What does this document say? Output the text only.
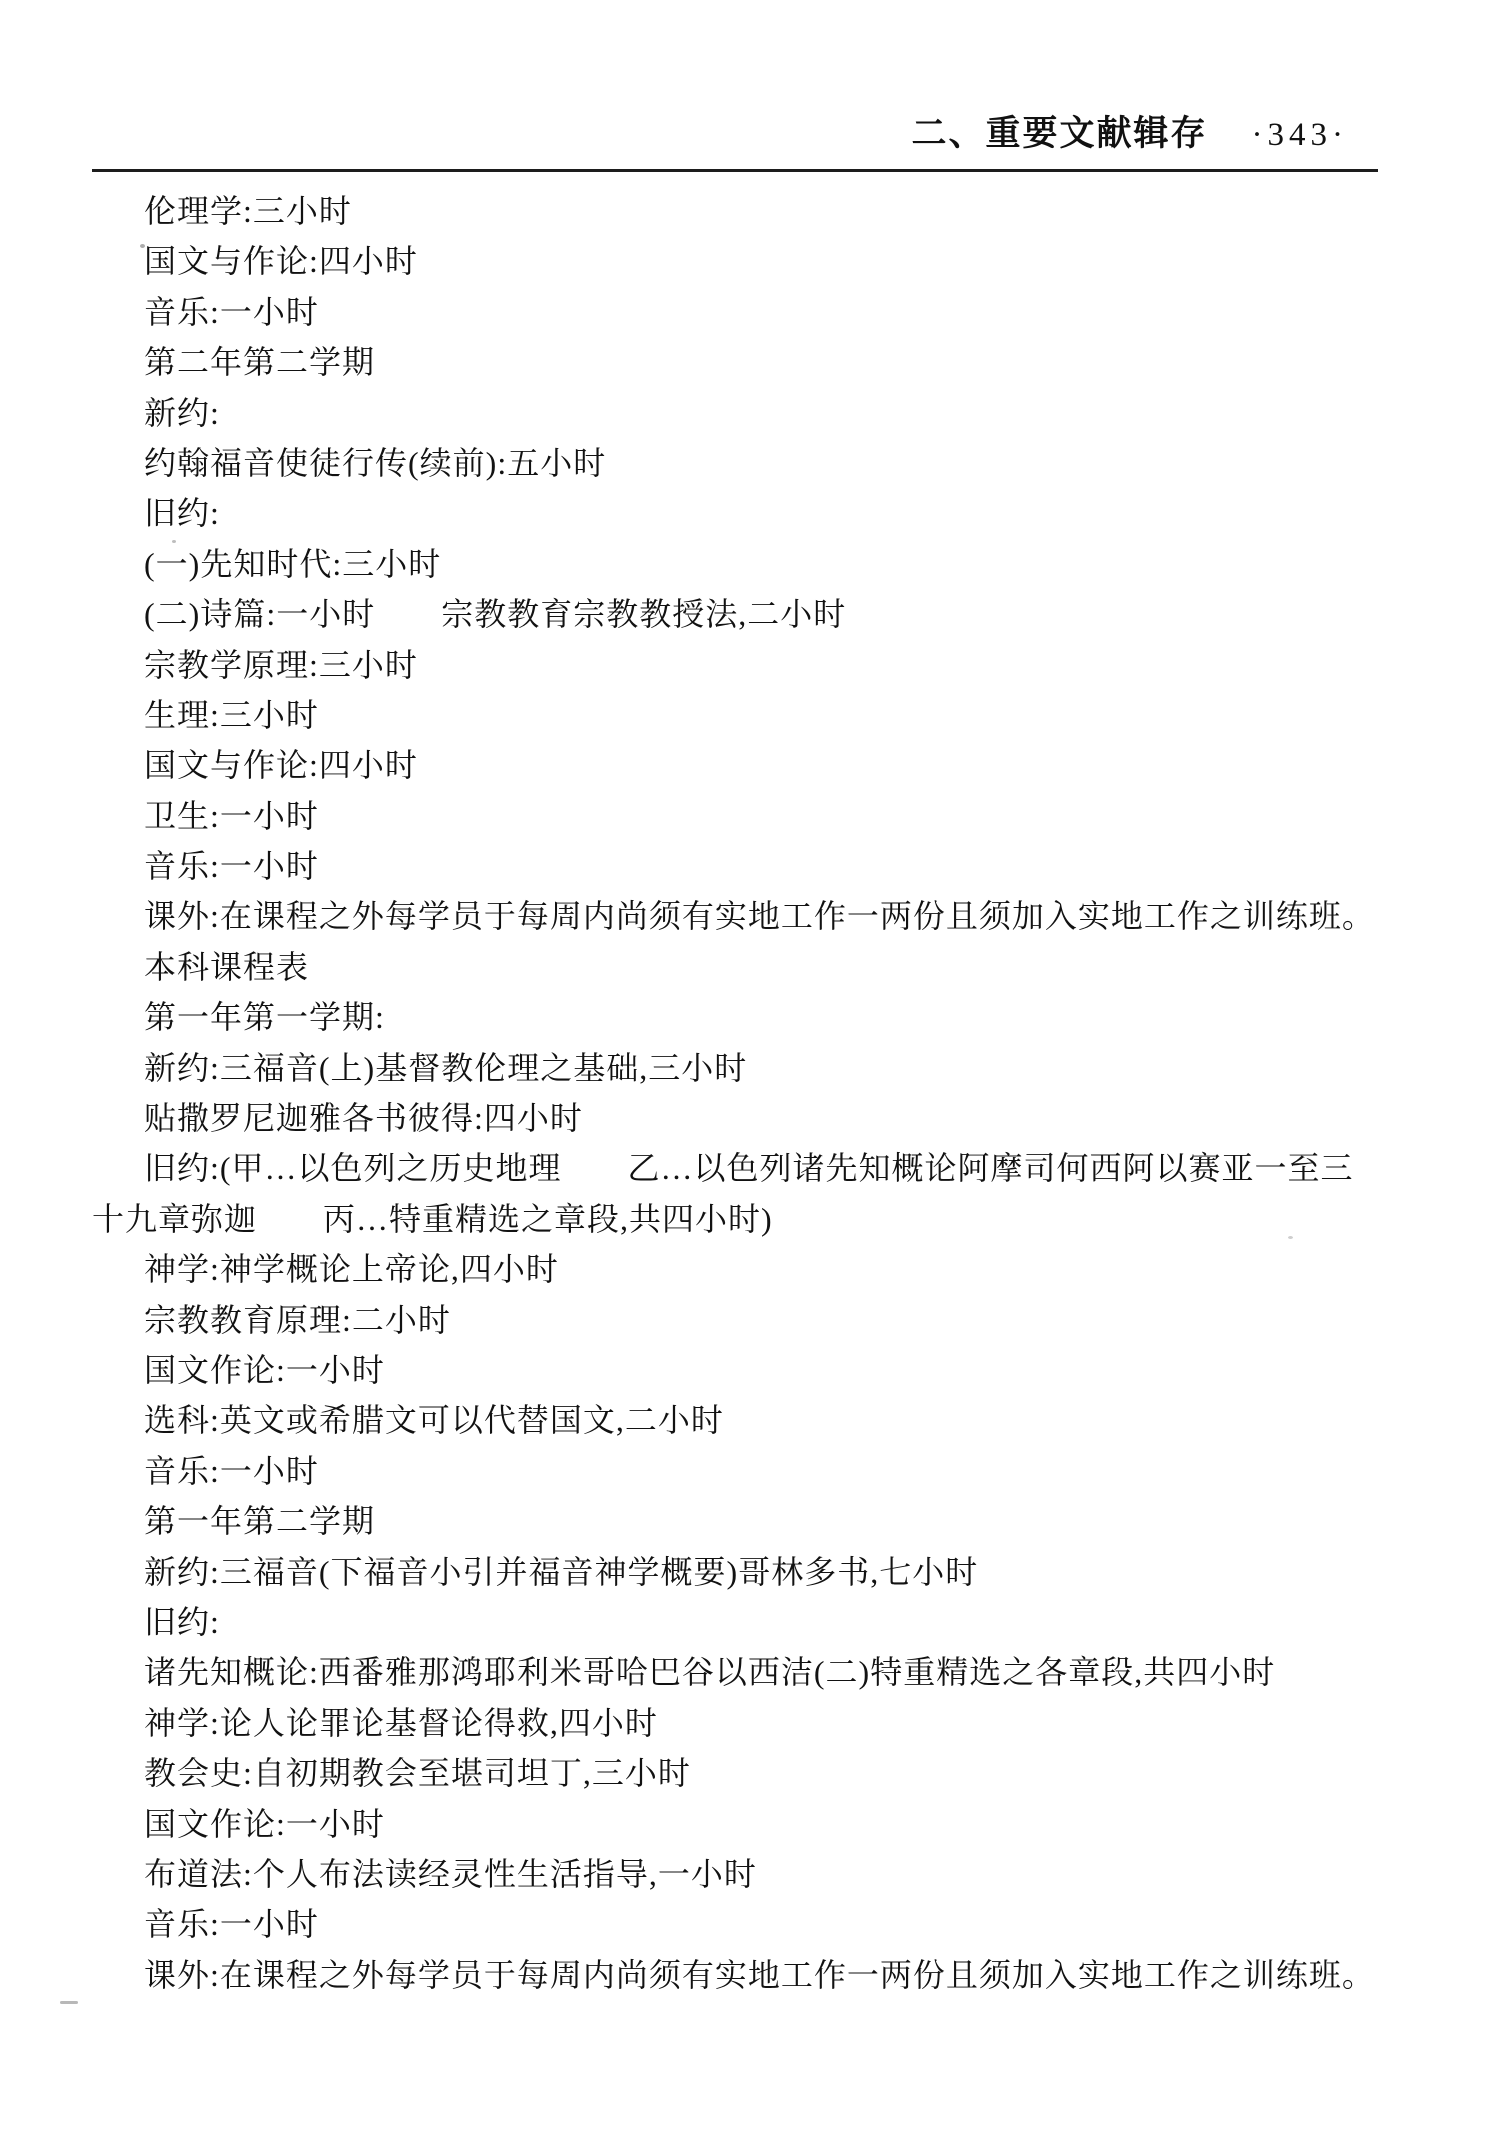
二、重要文献辑存 ·343·
伦理学:三小时
国文与作论:四小时
音乐:一小时
第二年第二学期
新约:
约翰福音使徒行传(续前):五小时
旧约:
(一)先知时代:三小时
(二)诗篇:一小时　　宗教教育宗教教授法,二小时
宗教学原理:三小时
生理:三小时
国文与作论:四小时
卫生:一小时
音乐:一小时
课外:在课程之外每学员于每周内尚须有实地工作一两份且须加入实地工作之训练班。
本科课程表
第一年第一学期:
新约:三福音(上)基督教伦理之基础,三小时
贴撒罗尼迦雅各书彼得:四小时
旧约:(甲…以色列之历史地理　　乙…以色列诸先知概论阿摩司何西阿以赛亚一至三
十九章弥迦　　丙…特重精选之章段,共四小时)
神学:神学概论上帝论,四小时
宗教教育原理:二小时
国文作论:一小时
选科:英文或希腊文可以代替国文,二小时
音乐:一小时
第一年第二学期
新约:三福音(下福音小引并福音神学概要)哥林多书,七小时
旧约:
诸先知概论:西番雅那鸿耶利米哥哈巴谷以西洁(二)特重精选之各章段,共四小时
神学:论人论罪论基督论得救,四小时
教会史:自初期教会至堪司坦丁,三小时
国文作论:一小时
布道法:个人布法读经灵性生活指导,一小时
音乐:一小时
课外:在课程之外每学员于每周内尚须有实地工作一两份且须加入实地工作之训练班。
